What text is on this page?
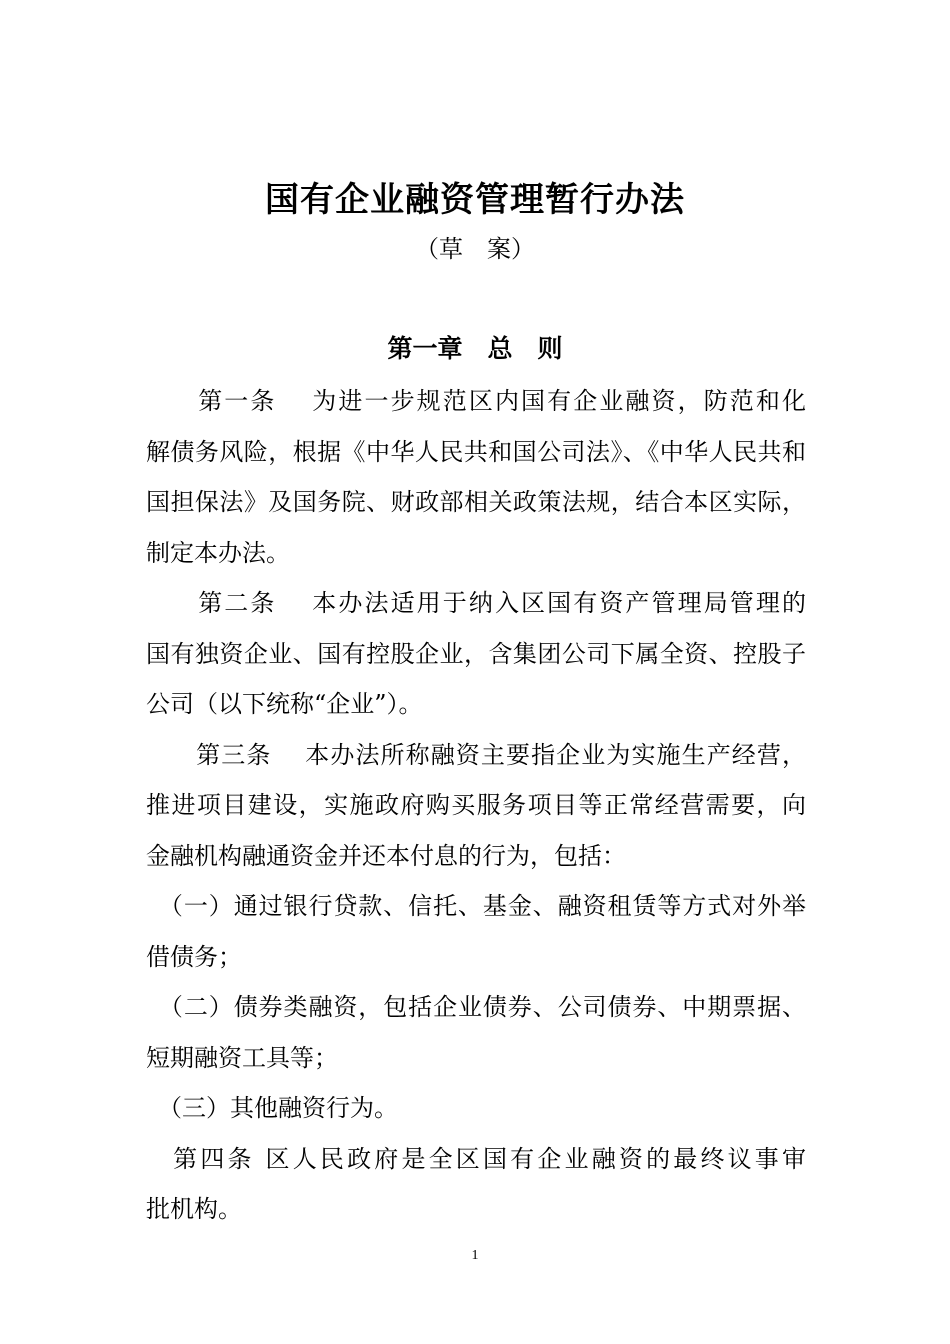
国有企业融资管理暂行办法
（草　案）
第一章　总　则
　　第一条　 为进一步规范区内国有企业融资，防范和化
解债务风险，根据《中华人民共和国公司法》、《中华人民共和
国担保法》及国务院、财政部相关政策法规，结合本区实际，
制定本办法。
　　第二条　 本办法适用于纳入区国有资产管理局管理的
国有独资企业、国有控股企业，含集团公司下属全资、控股子
公司（以下统称“企业”）。
　　第三条　 本办法所称融资主要指企业为实施生产经营，
推进项目建设，实施政府购买服务项目等正常经营需要，向
金融机构融通资金并还本付息的行为，包括：
　（一）通过银行贷款、信托、基金、融资租赁等方式对外举
借债务；
　（二）债券类融资，包括企业债券、公司债券、中期票据、
短期融资工具等；
　（三）其他融资行为。
　第四条 区人民政府是全区国有企业融资的最终议事审
批机构。
1
